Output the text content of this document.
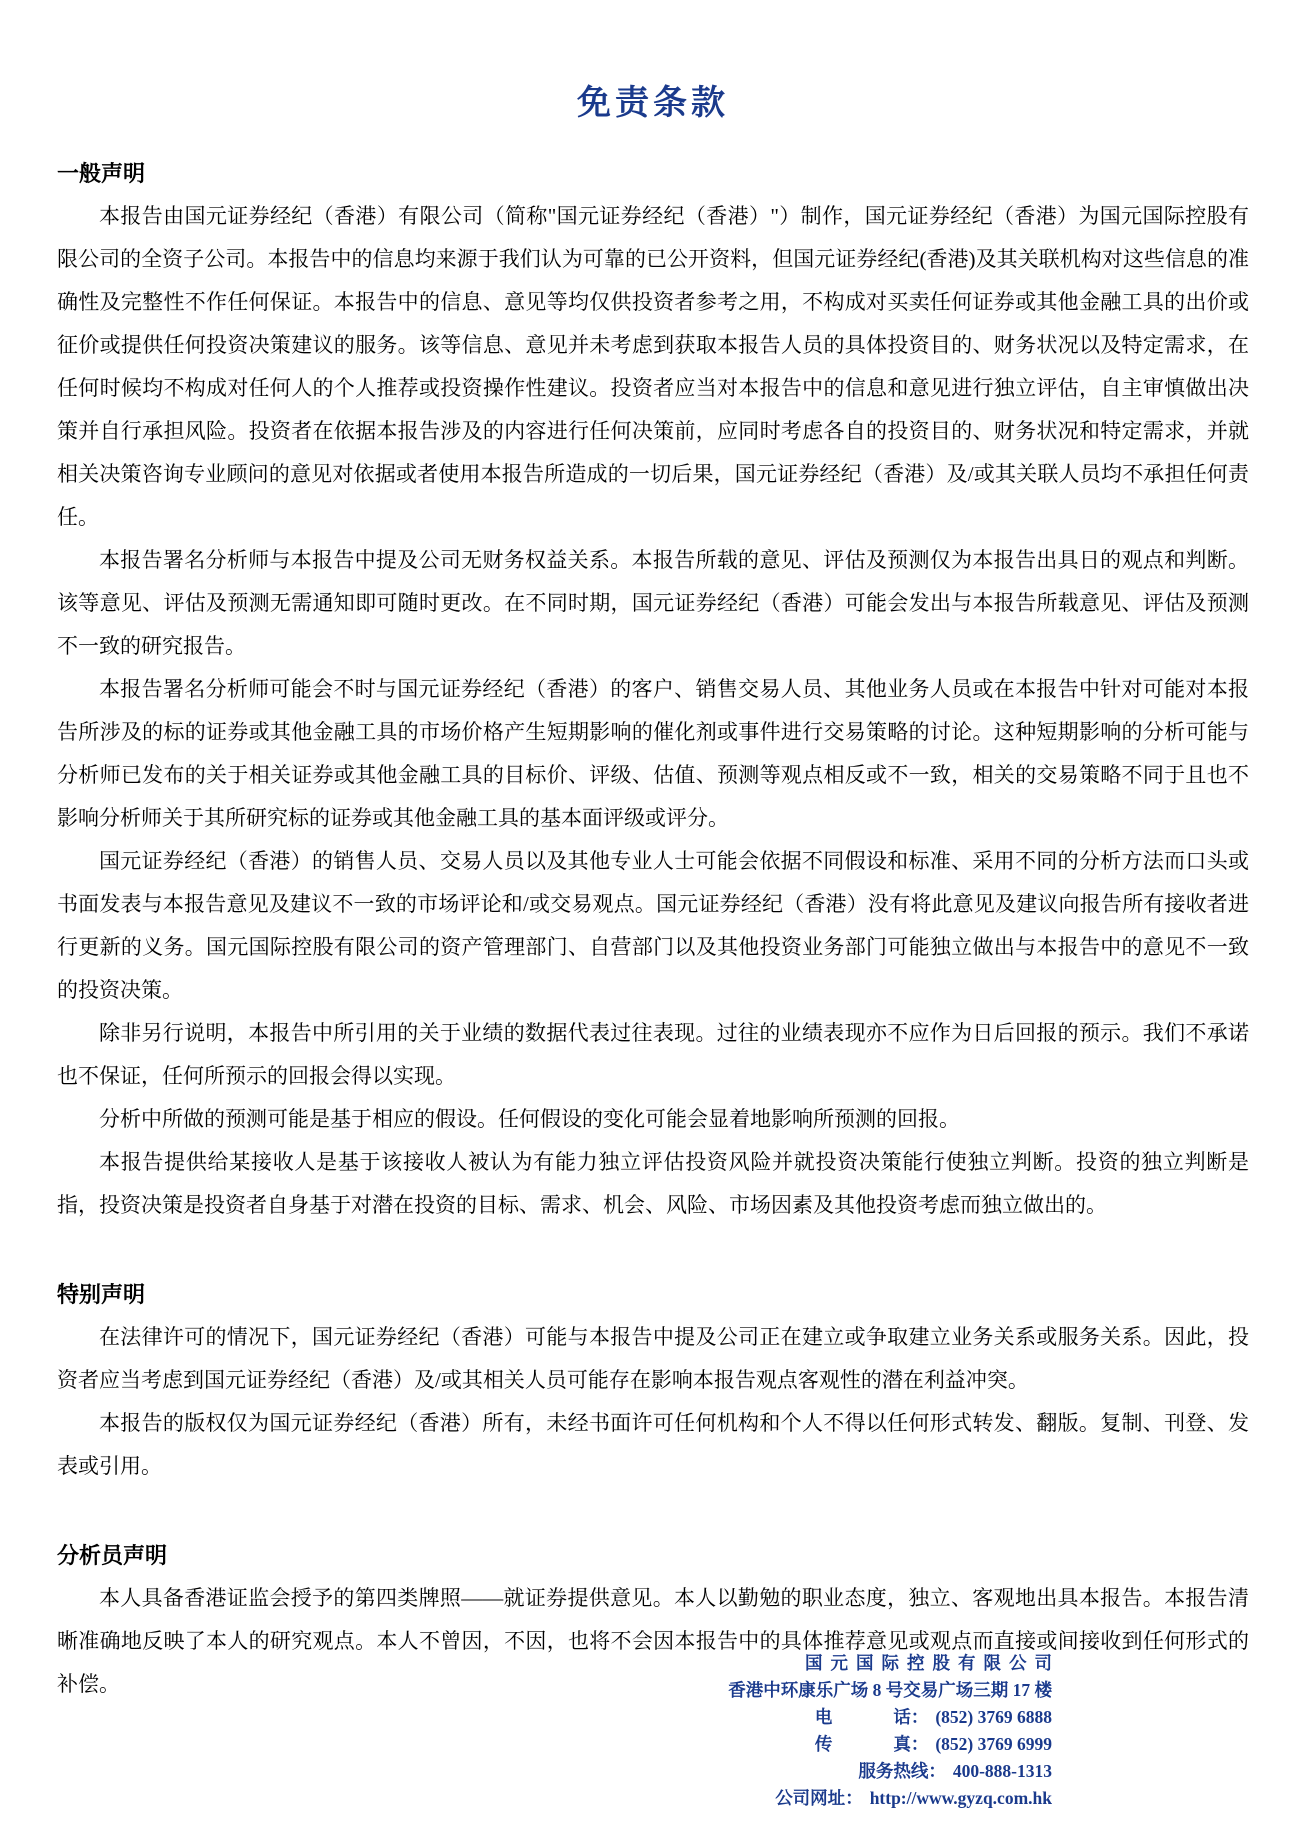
免责条款
一般声明

本报告由国元证券经纪（香港）有限公司（简称"国元证券经纪（香港）"）制作，国元证券经纪（香港）为国元国际控股有限公司的全资子公司。本报告中的信息均来源于我们认为可靠的已公开资料，但国元证券经纪(香港)及其关联机构对这些信息的准确性及完整性不作任何保证。本报告中的信息、意见等均仅供投资者参考之用，不构成对买卖任何证券或其他金融工具的出价或征价或提供任何投资决策建议的服务。该等信息、意见并未考虑到获取本报告人员的具体投资目的、财务状况以及特定需求，在任何时候均不构成对任何人的个人推荐或投资操作性建议。投资者应当对本报告中的信息和意见进行独立评估，自主审慎做出决策并自行承担风险。投资者在依据本报告涉及的内容进行任何决策前，应同时考虑各自的投资目的、财务状况和特定需求，并就相关决策咨询专业顾问的意见对依据或者使用本报告所造成的一切后果，国元证券经纪（香港）及/或其关联人员均不承担任何责任。

本报告署名分析师与本报告中提及公司无财务权益关系。本报告所载的意见、评估及预测仅为本报告出具日的观点和判断。该等意见、评估及预测无需通知即可随时更改。在不同时期，国元证券经纪（香港）可能会发出与本报告所载意见、评估及预测不一致的研究报告。

本报告署名分析师可能会不时与国元证券经纪（香港）的客户、销售交易人员、其他业务人员或在本报告中针对可能对本报告所涉及的标的证券或其他金融工具的市场价格产生短期影响的催化剂或事件进行交易策略的讨论。这种短期影响的分析可能与分析师已发布的关于相关证券或其他金融工具的目标价、评级、估值、预测等观点相反或不一致，相关的交易策略不同于且也不影响分析师关于其所研究标的证券或其他金融工具的基本面评级或评分。

国元证券经纪（香港）的销售人员、交易人员以及其他专业人士可能会依据不同假设和标准、采用不同的分析方法而口头或书面发表与本报告意见及建议不一致的市场评论和/或交易观点。国元证券经纪（香港）没有将此意见及建议向报告所有接收者进行更新的义务。国元国际控股有限公司的资产管理部门、自营部门以及其他投资业务部门可能独立做出与本报告中的意见不一致的投资决策。

除非另行说明，本报告中所引用的关于业绩的数据代表过往表现。过往的业绩表现亦不应作为日后回报的预示。我们不承诺也不保证，任何所预示的回报会得以实现。

分析中所做的预测可能是基于相应的假设。任何假设的变化可能会显着地影响所预测的回报。

本报告提供给某接收人是基于该接收人被认为有能力独立评估投资风险并就投资决策能行使独立判断。投资的独立判断是指，投资决策是投资者自身基于对潜在投资的目标、需求、机会、风险、市场因素及其他投资考虑而独立做出的。

特别声明

在法律许可的情况下，国元证券经纪（香港）可能与本报告中提及公司正在建立或争取建立业务关系或服务关系。因此，投资者应当考虑到国元证券经纪（香港）及/或其相关人员可能存在影响本报告观点客观性的潜在利益冲突。

本报告的版权仅为国元证券经纪（香港）所有，未经书面许可任何机构和个人不得以任何形式转发、翻版。复制、刊登、发表或引用。

分析员声明

本人具备香港证监会授予的第四类牌照——就证券提供意见。本人以勤勉的职业态度，独立、客观地出具本报告。本报告清晰准确地反映了本人的研究观点。本人不曾因，不因，也将不会因本报告中的具体推荐意见或观点而直接或间接收到任何形式的补偿。

国元国际控股有限公司
香港中环康乐广场 8 号交易广场三期 17 楼
电话： (852) 3769 6888
传真： (852) 3769 6999
服务热线： 400-888-1313
公司网址： http://www.gyzq.com.hk
